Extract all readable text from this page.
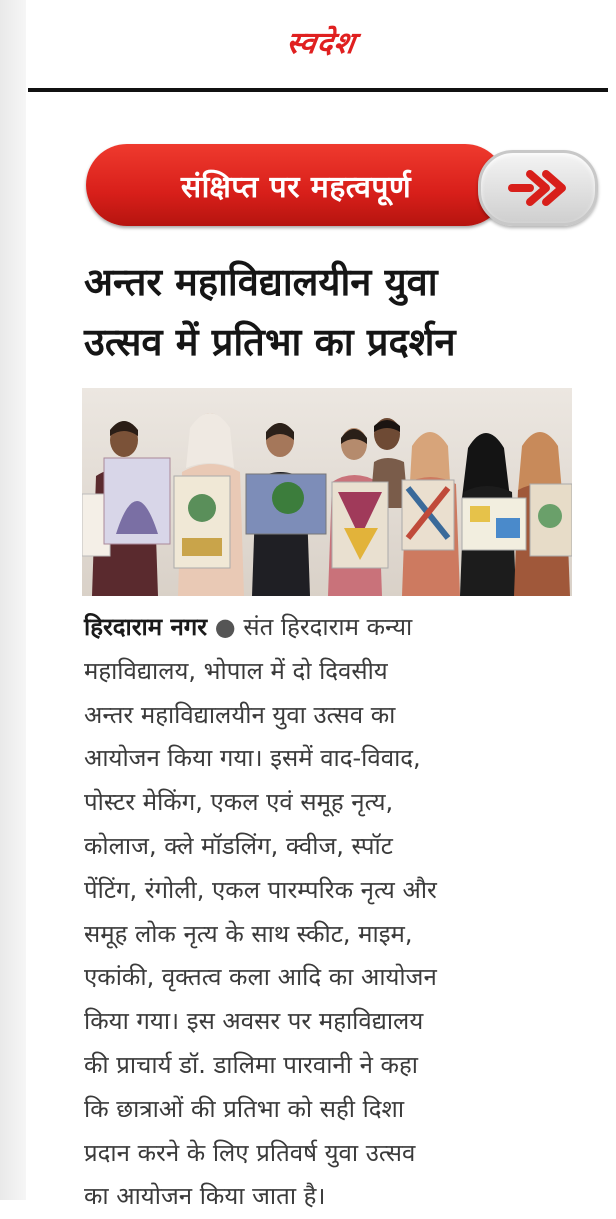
स्वदेश
संक्षिप्त पर महत्वपूर्ण
अन्तर महाविद्यालयीन युवा
उत्सव में प्रतिभा का प्रदर्शन

हिरदाराम नगर ● संत हिरदाराम कन्या
महाविद्यालय, भोपाल में दो दिवसीय
अन्तर महाविद्यालयीन युवा उत्सव का
आयोजन किया गया। इसमें वाद-विवाद,
पोस्टर मेकिंग, एकल एवं समूह नृत्य,
कोलाज, क्ले मॉडलिंग, क्वीज, स्पॉट
पेंटिंग, रंगोली, एकल पारम्परिक नृत्य और
समूह लोक नृत्य के साथ स्कीट, माइम,
एकांकी, वृक्तत्व कला आदि का आयोजन
किया गया। इस अवसर पर महाविद्यालय
की प्राचार्य डॉ. डालिमा पारवानी ने कहा
कि छात्राओं की प्रतिभा को सही दिशा
प्रदान करने के लिए प्रतिवर्ष युवा उत्सव
का आयोजन किया जाता है।
